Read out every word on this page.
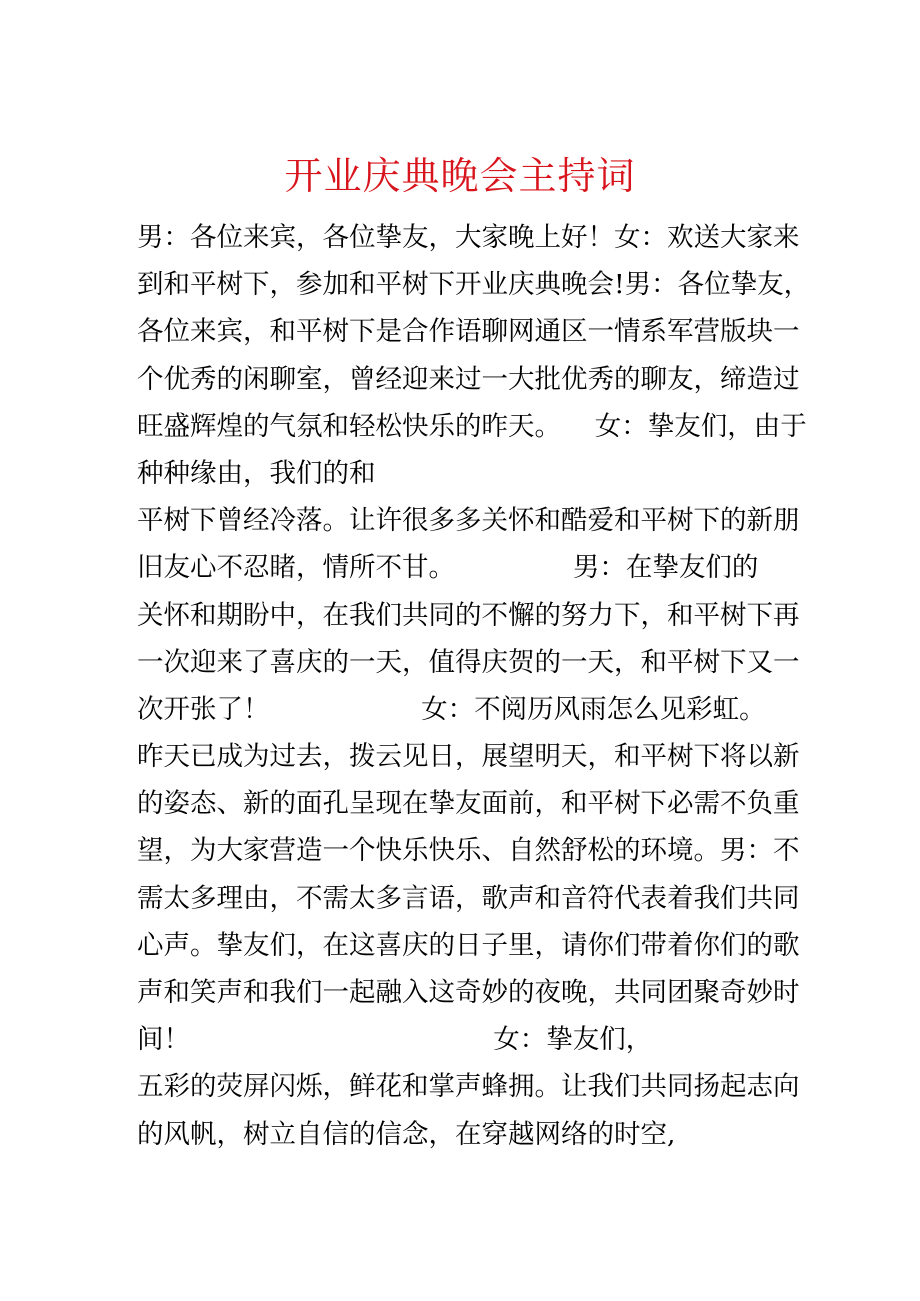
开业庆典晚会主持词
男：各位来宾，各位挚友，大家晚上好！女：欢送大家来
到和平树下，参加和平树下开业庆典晚会!男：各位挚友，
各位来宾，和平树下是合作语聊网通区一情系军营版块一
个优秀的闲聊室，曾经迎来过一大批优秀的聊友，缔造过
旺盛辉煌的气氛和轻松快乐的昨天。    女：挚友们，由于
种种缘由，我们的和
平树下曾经冷落。让许很多多关怀和酷爱和平树下的新朋
旧友心不忍睹，情所不甘。              男：在挚友们的
关怀和期盼中，在我们共同的不懈的努力下，和平树下再
一次迎来了喜庆的一天，值得庆贺的一天，和平树下又一
次开张了！                  女：不阅历风雨怎么见彩虹。
昨天已成为过去，拨云见日，展望明天，和平树下将以新
的姿态、新的面孔呈现在挚友面前，和平树下必需不负重
望，为大家营造一个快乐快乐、自然舒松的环境。男：不
需太多理由，不需太多言语，歌声和音符代表着我们共同
心声。挚友们，在这喜庆的日子里，请你们带着你们的歌
声和笑声和我们一起融入这奇妙的夜晚，共同团聚奇妙时
间！                                    女：挚友们，
五彩的荧屏闪烁，鲜花和掌声蜂拥。让我们共同扬起志向
的风帆，树立自信的信念，在穿越网络的时空,
